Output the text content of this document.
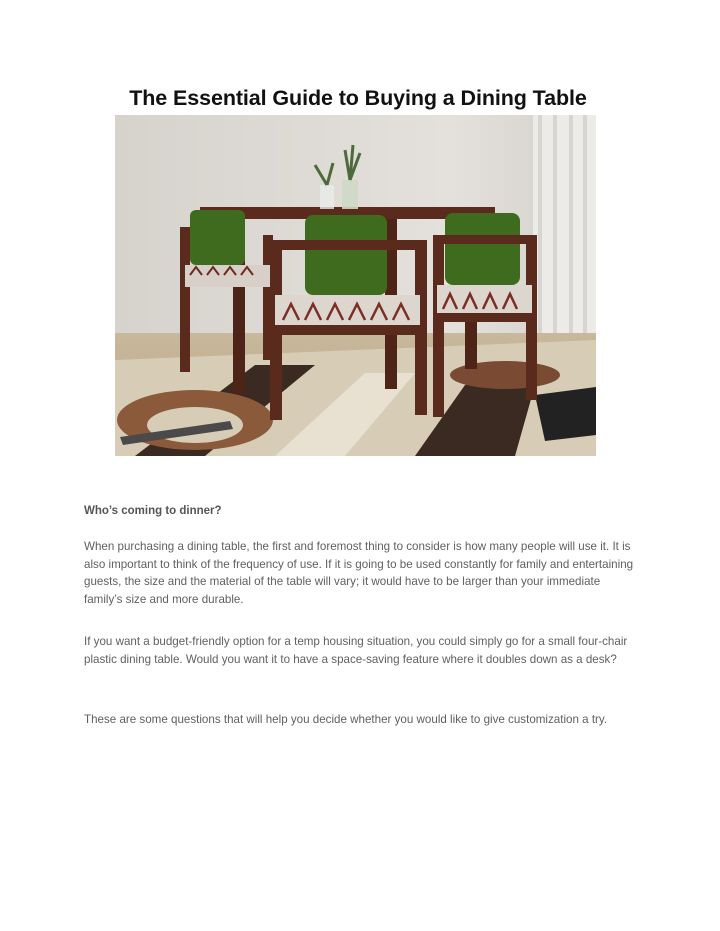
The Essential Guide to Buying a Dining Table

Who’s coming to dinner?

When purchasing a dining table, the first and foremost thing to consider is how many people will use it. It is also important to think of the frequency of use. If it is going to be used constantly for family and entertaining guests, the size and the material of the table will vary; it would have to be larger than your immediate family’s size and more durable.

If you want a budget-friendly option for a temp housing situation, you could simply go for a small four-chair plastic dining table. Would you want it to have a space-saving feature where it doubles down as a desk?

These are some questions that will help you decide whether you would like to give customization a try.
